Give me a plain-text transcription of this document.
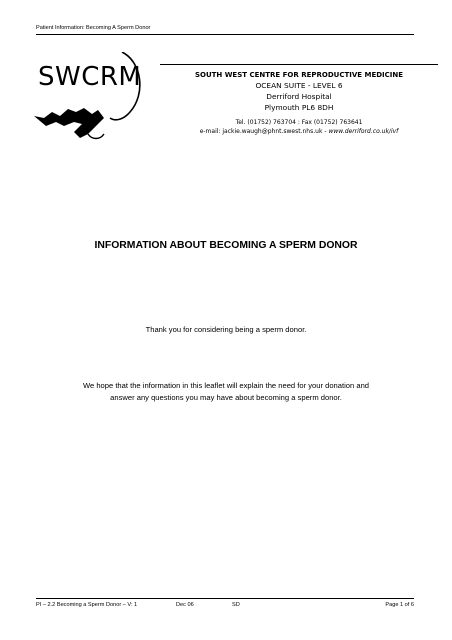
Patient Information: Becoming A Sperm Donor
SWCRM	SOUTH WEST CENTRE FOR REPRODUCTIVE MEDICINE
OCEAN SUITE - LEVEL 6
Derriford Hospital
Plymouth PL6 8DH
Tel. (01752) 763704 : Fax (01752) 763641
e-mail: jackie.waugh@phnt.swest.nhs.uk - www.derriford.co.uk/ivf
INFORMATION ABOUT BECOMING A SPERM DONOR
Thank you for considering being a sperm donor.
We hope that the information in this leaflet will explain the need for your donation and answer any questions you may have about becoming a sperm donor.
PI – 2.2 Becoming a Sperm Donor – V: 1	Dec 06	SD	Page 1 of 6
